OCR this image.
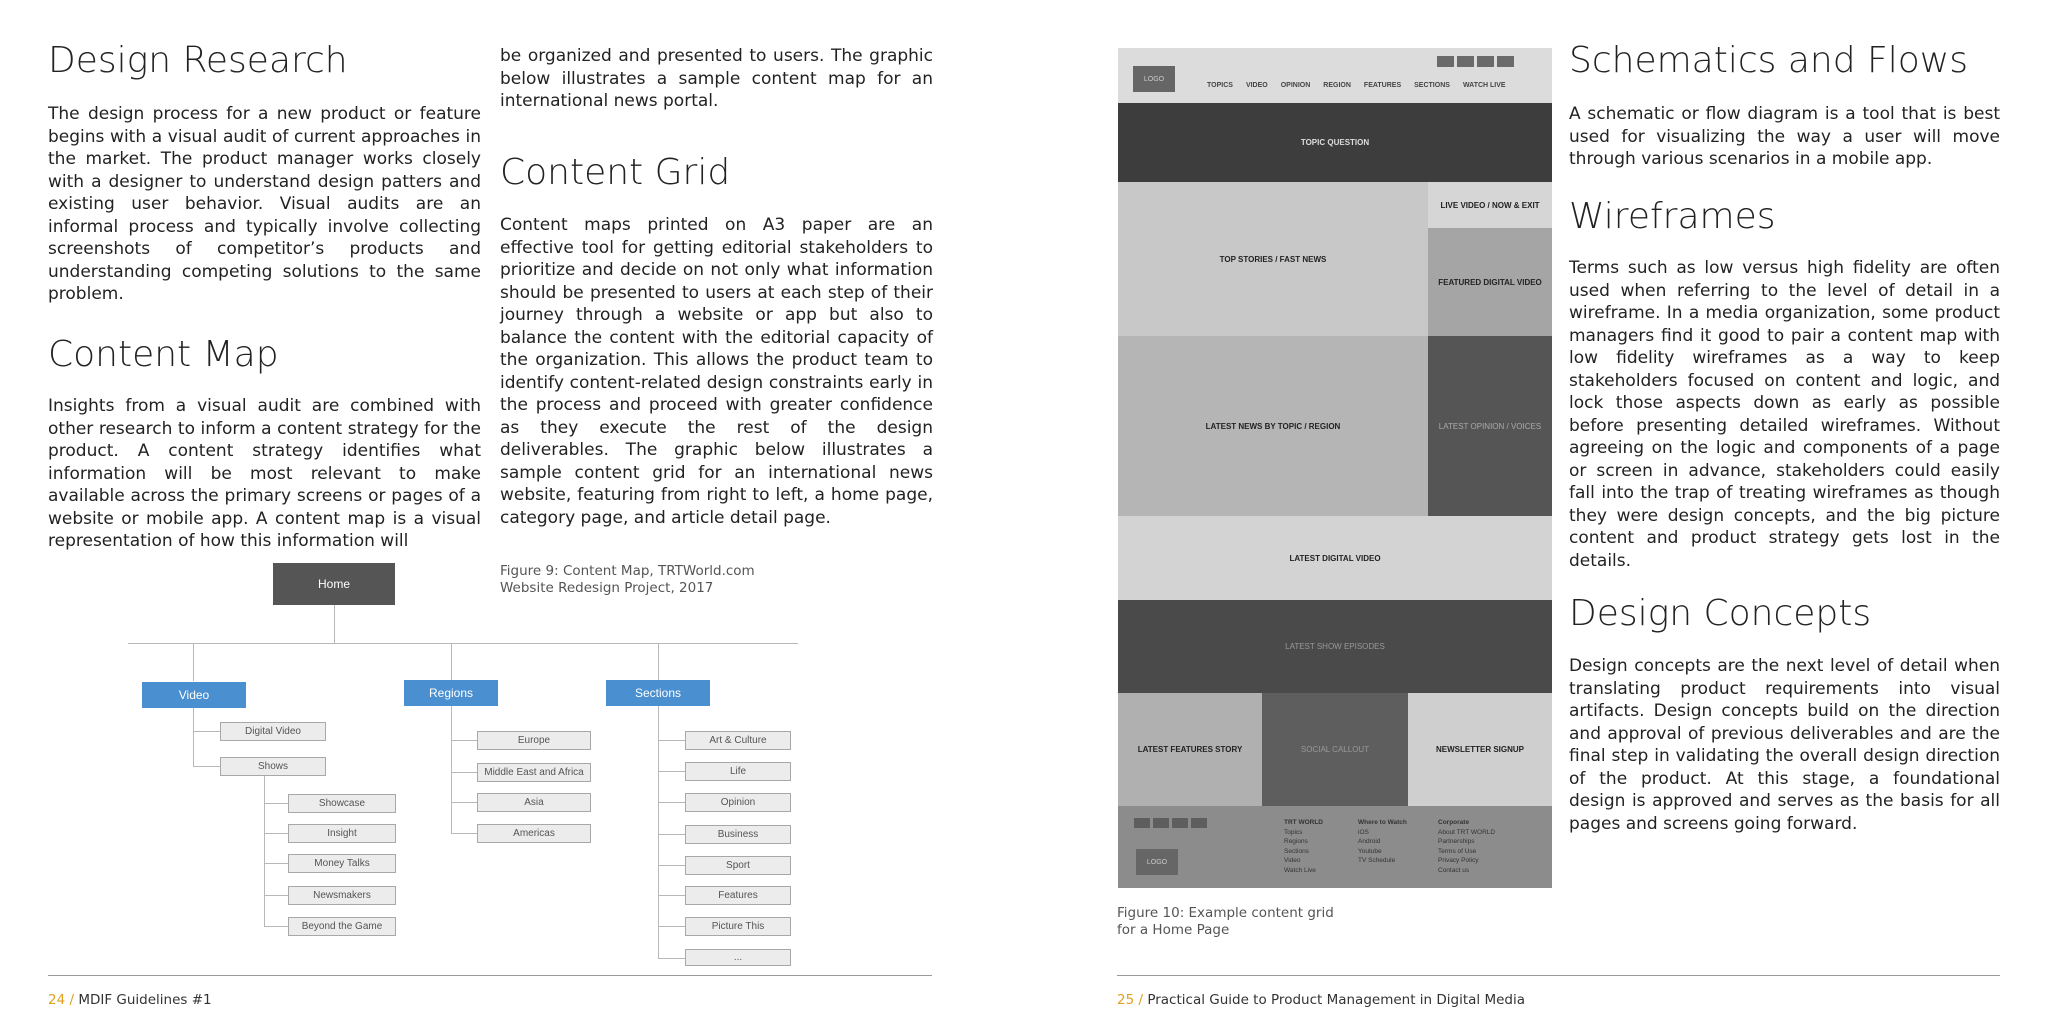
Design Research

The design process for a new product or feature begins with a visual audit of current approaches in the market. The product manager works closely with a designer to understand design patters and existing user behavior. Visual audits are an informal process and typically involve collecting screenshots of competitor’s products and understanding competing solutions to the same problem.

Content Map

Insights from a visual audit are combined with other research to inform a content strategy for the product. A content strategy identifies what information will be most relevant to make available across the primary screens or pages of a website or mobile app. A content map is a visual representation of how this information will

be organized and presented to users. The graphic below illustrates a sample content map for an international news portal.

Content Grid

Content maps printed on A3 paper are an effective tool for getting editorial stakeholders to prioritize and decide on not only what information should be presented to users at each step of their journey through a website or app but also to balance the content with the editorial capacity of the organization. This allows the product team to identify content-related design constraints early in the process and proceed with greater confidence as they execute the rest of the design deliverables. The graphic below illustrates a sample content grid for an international news website, featuring from right to left, a home page, category page, and article detail page.

Figure 9: Content Map, TRTWorld.com
Website Redesign Project, 2017
Home
Video
Digital Video
Shows
Showcase
Insight
Money Talks
Newsmakers
Beyond the Game
Regions
Europe
Middle East and Africa
Asia
Americas
Sections
Art & Culture
Life
Opinion
Business
Sport
Features
Picture This
...
24 / MDIF Guidelines #1
LOGO
TOPICS VIDEO OPINION REGION FEATURES SECTIONS WATCH LIVE
TOPIC QUESTION
TOP STORIES / FAST NEWS
LIVE VIDEO / NOW & EXIT
FEATURED DIGITAL VIDEO
LATEST NEWS BY TOPIC / REGION	LATEST OPINION / VOICES
LATEST DIGITAL VIDEO
LATEST SHOW EPISODES
LATEST FEATURES STORY	SOCIAL CALLOUT	NEWSLETTER SIGNUP
LOGO
TRT WORLD
Topics
Regions
Sections
Video
Watch Live
Where to Watch
iOS
Android
Youtube
TV Schedule
Corporate
About TRT WORLD
Partnerships
Terms of Use
Privacy Policy
Contact us
Figure 10: Example content grid
for a Home Page
Schematics and Flows

A schematic or flow diagram is a tool that is best used for visualizing the way a user will move through various scenarios in a mobile app.

Wireframes

Terms such as low versus high fidelity are often used when referring to the level of detail in a wireframe. In a media organization, some product managers find it good to pair a content map with low fidelity wireframes as a way to keep stakeholders focused on content and logic, and lock those aspects down as early as possible before presenting detailed wireframes. Without agreeing on the logic and components of a page or screen in advance, stakeholders could easily fall into the trap of treating wireframes as though they were design concepts, and the big picture content and product strategy gets lost in the details.

Design Concepts

Design concepts are the next level of detail when translating product requirements into visual artifacts. Design concepts build on the direction and approval of previous deliverables and are the final step in validating the overall design direction of the product. At this stage, a foundational design is approved and serves as the basis for all pages and screens going forward.

25 / Practical Guide to Product Management in Digital Media
